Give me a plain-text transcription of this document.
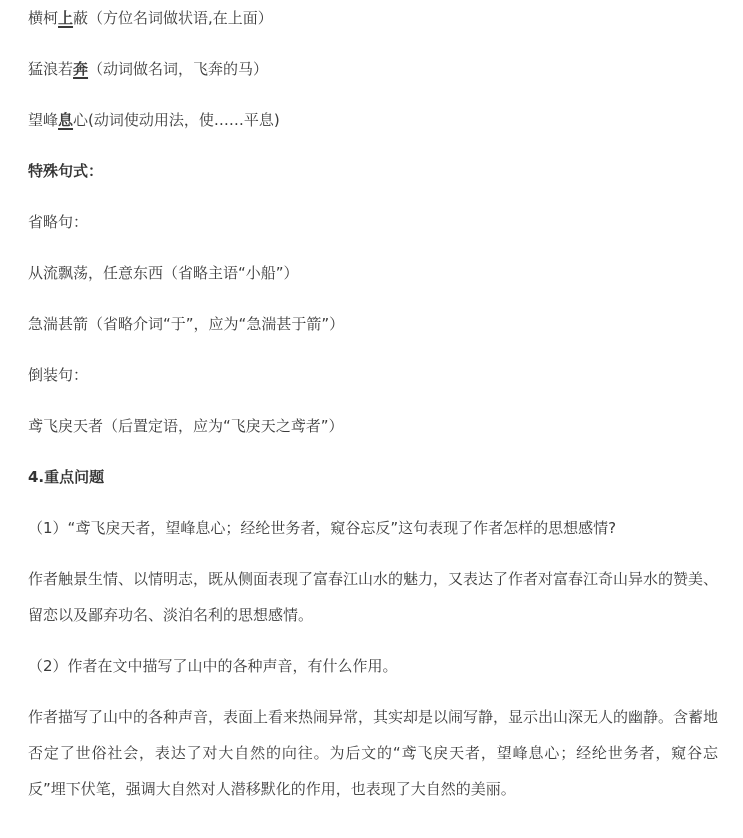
横柯上蔽（方位名词做状语,在上面）
猛浪若奔（动词做名词，飞奔的马）
望峰息心(动词使动用法，使……平息)
特殊句式：
省略句：
从流飘荡，任意东西（省略主语“小船”）
急湍甚箭（省略介词“于”，应为“急湍甚于箭”）
倒装句：
鸢飞戾天者（后置定语，应为“飞戾天之鸢者”）
4.重点问题
（1）“鸢飞戾天者，望峰息心；经纶世务者，窥谷忘反”这句表现了作者怎样的思想感情?
作者触景生情、以情明志，既从侧面表现了富春江山水的魅力，又表达了作者对富春江奇山异水的赞美、留恋以及鄙弃功名、淡泊名利的思想感情。
（2）作者在文中描写了山中的各种声音，有什么作用。
作者描写了山中的各种声音，表面上看来热闹异常，其实却是以闹写静，显示出山深无人的幽静。含蓄地否定了世俗社会，表达了对大自然的向往。为后文的“鸢飞戾天者，望峰息心；经纶世务者，窥谷忘反”埋下伏笔，强调大自然对人潜移默化的作用，也表现了大自然的美丽。
